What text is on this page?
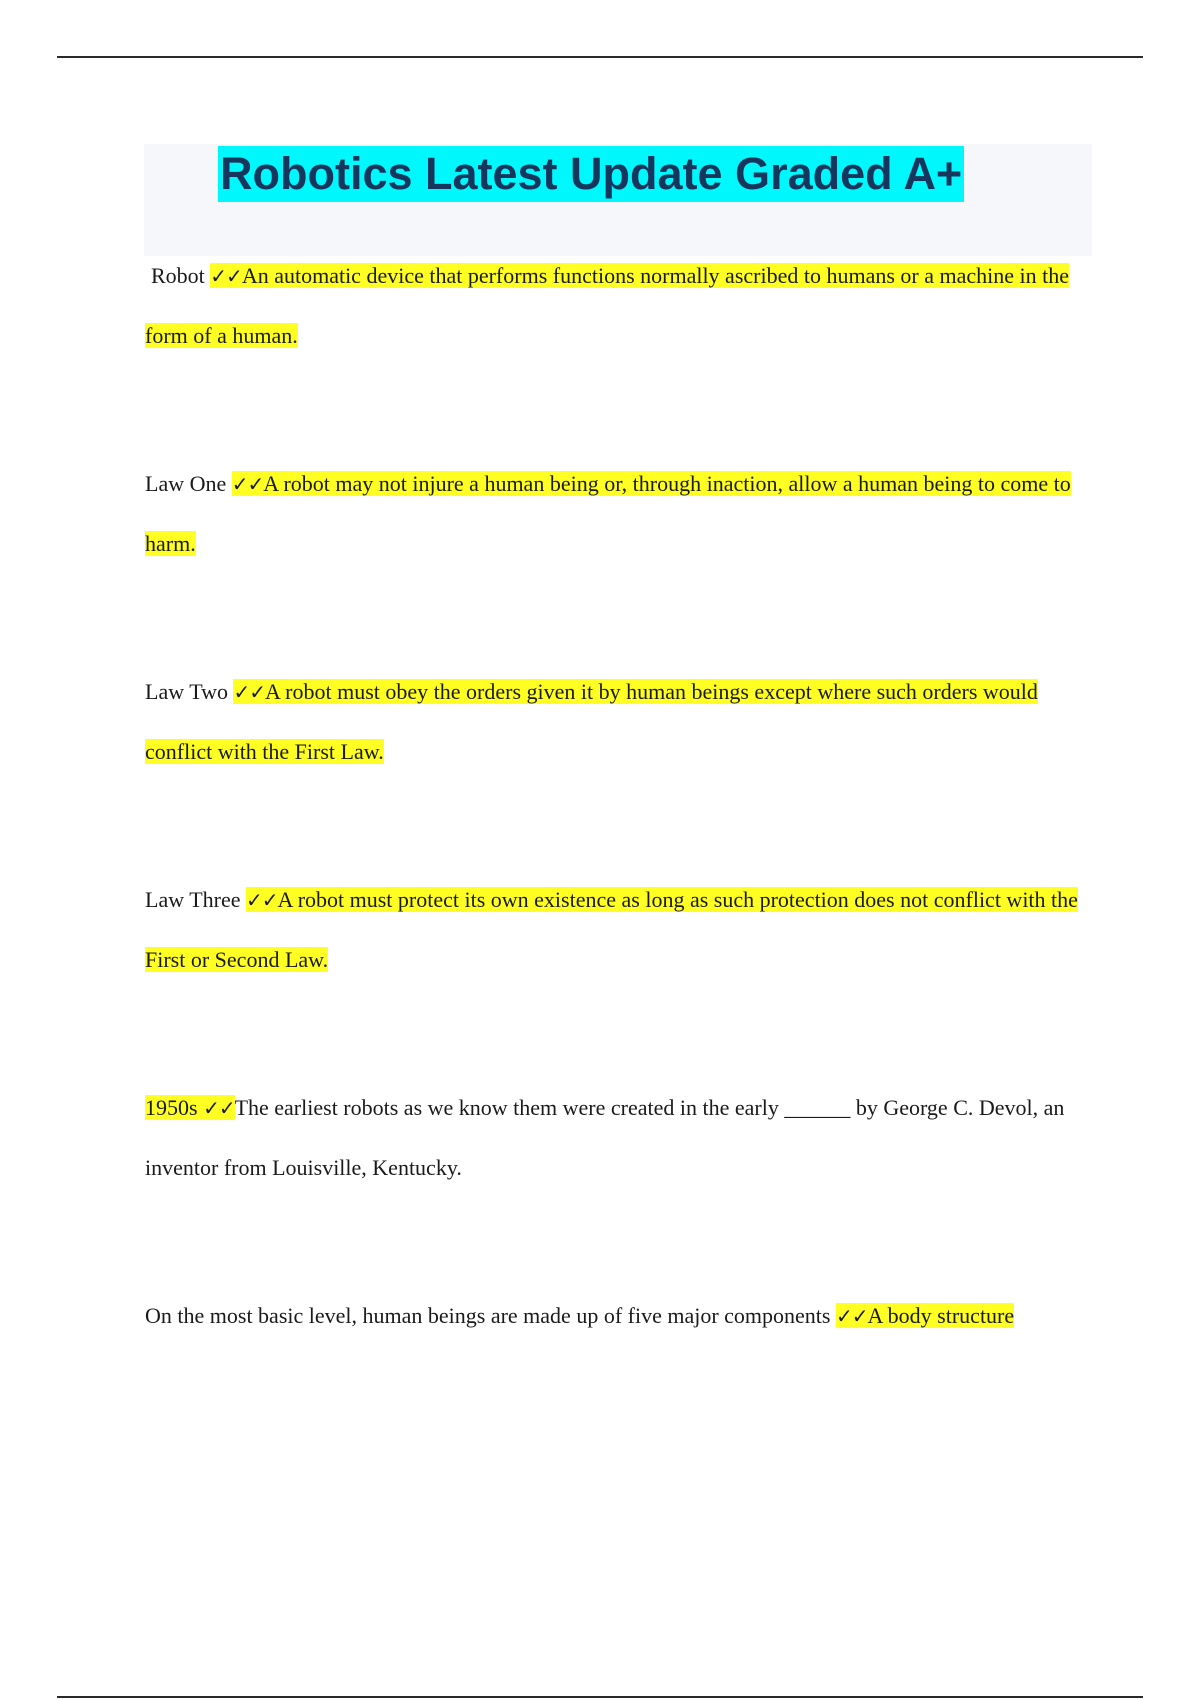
Robotics Latest Update Graded A+

Robot ✓✓An automatic device that performs functions normally ascribed to humans or a machine in the form of a human.

Law One ✓✓A robot may not injure a human being or, through inaction, allow a human being to come to harm.

Law Two ✓✓A robot must obey the orders given it by human beings except where such orders would conflict with the First Law.

Law Three ✓✓A robot must protect its own existence as long as such protection does not conflict with the First or Second Law.

1950s ✓✓The earliest robots as we know them were created in the early ______ by George C. Devol, an inventor from Louisville, Kentucky.

On the most basic level, human beings are made up of five major components ✓✓A body structure
